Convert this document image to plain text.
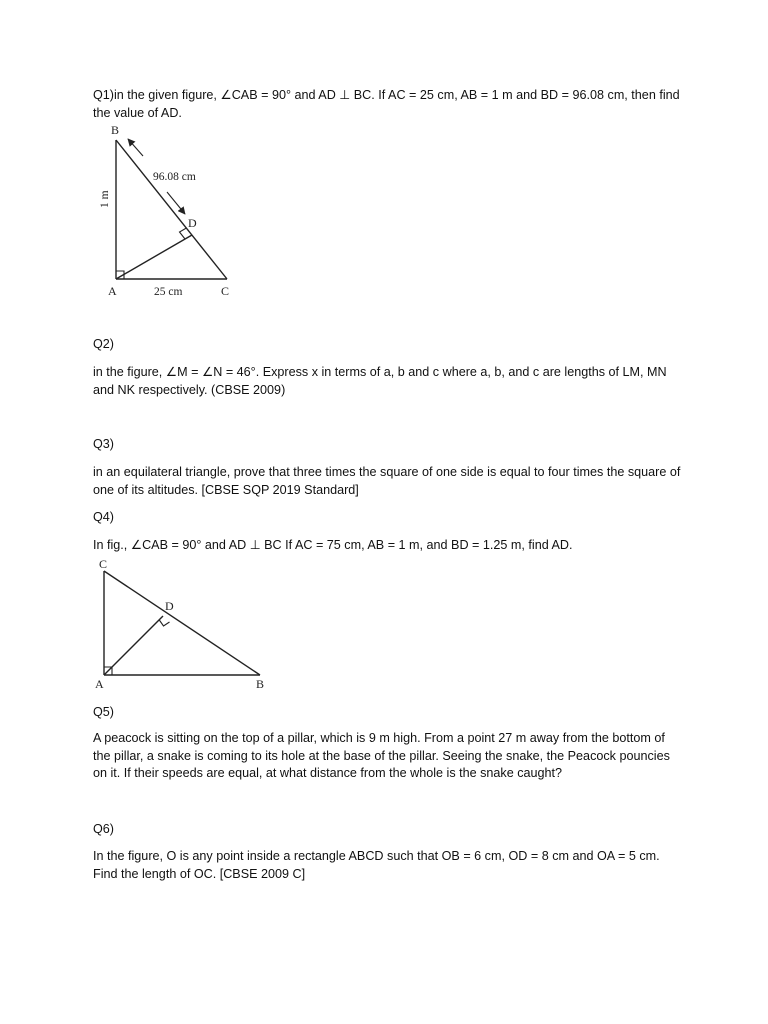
Q1)in the given figure, ∠CAB = 90° and AD ⊥ BC. If AC = 25 cm, AB = 1 m and BD = 96.08 cm, then find the value of AD.

B
D
A	C
96.08 cm
1 m
25 cm

Q2)

in the figure, ∠M = ∠N = 46°. Express x in terms of a, b and c where a, b, and c are lengths of LM, MN and NK respectively. (CBSE 2009)

Q3)

in an equilateral triangle, prove that three times the square of one side is equal to four times the square of one of its altitudes. [CBSE SQP 2019 Standard]

Q4)

In fig., ∠CAB = 90° and AD ⊥ BC If AC = 75 cm, AB = 1 m, and BD = 1.25 m, find AD.

C
D
A	B

Q5)

A peacock is sitting on the top of a pillar, which is 9 m high. From a point 27 m away from the bottom of the pillar, a snake is coming to its hole at the base of the pillar. Seeing the snake, the Peacock pouncies on it. If their speeds are equal, at what distance from the whole is the snake caught?

Q6)

In the figure, O is any point inside a rectangle ABCD such that OB = 6 cm, OD = 8 cm and OA = 5 cm. Find the length of OC. [CBSE 2009 C]
